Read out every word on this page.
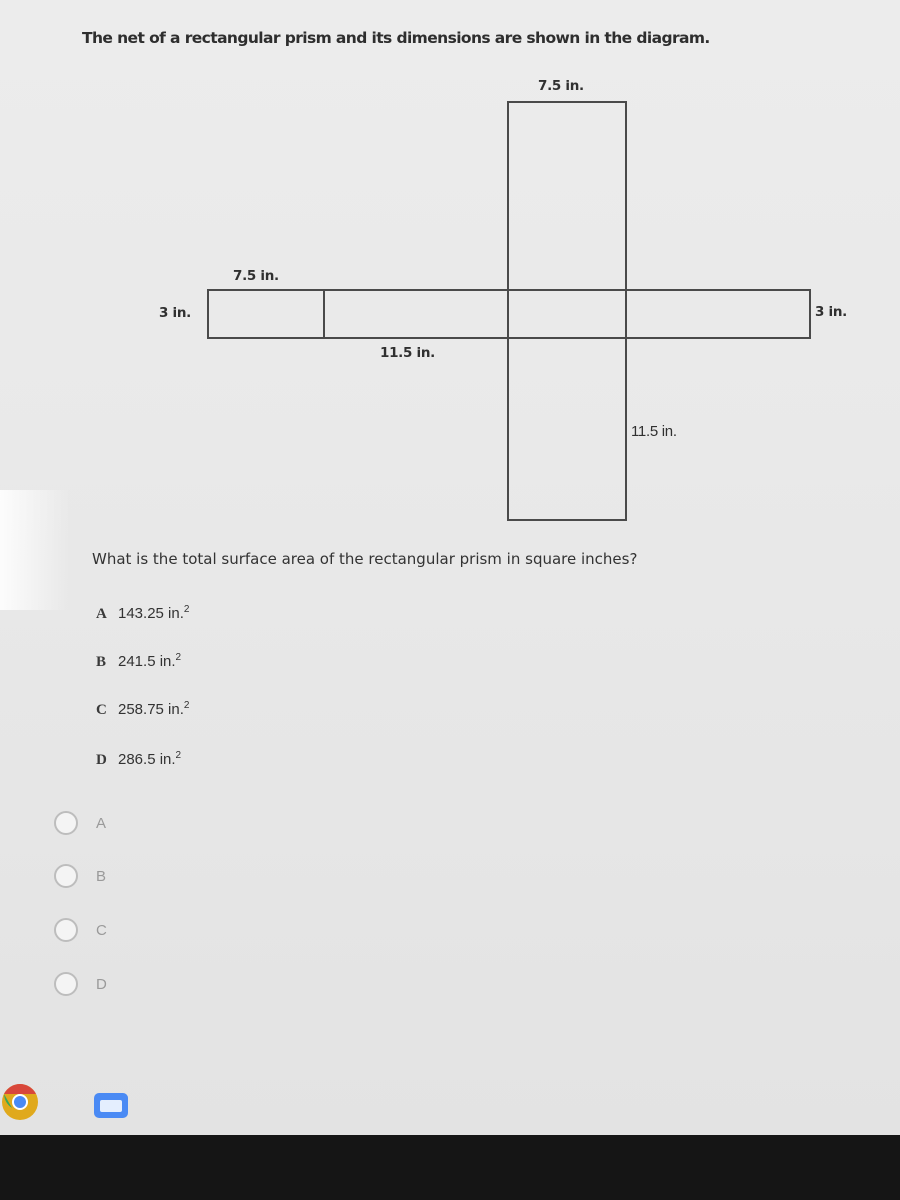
The net of a rectangular prism and its dimensions are shown in the diagram.
7.5 in.
7.5 in.
3 in.
11.5 in.
11.5 in.
3 in.
What is the total surface area of the rectangular prism in square inches?
A 143.25 in.$^2$
B 241.5 in.$^2$
C 258.75 in.$^2$
D 286.5 in.$^2$
A
B
C
D
